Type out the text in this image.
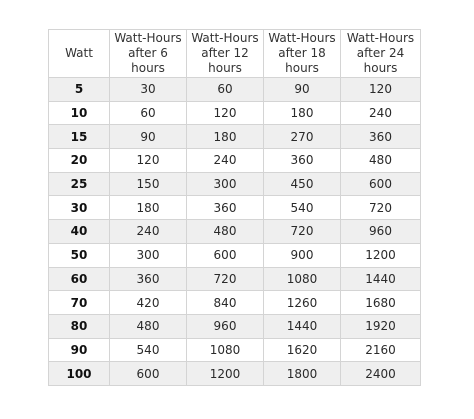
Watt	Watt-Hours after 6 hours	Watt-Hours after 12 hours	Watt-Hours after 18 hours	Watt-Hours after 24 hours
5	30	60	90	120
10	60	120	180	240
15	90	180	270	360
20	120	240	360	480
25	150	300	450	600
30	180	360	540	720
40	240	480	720	960
50	300	600	900	1200
60	360	720	1080	1440
70	420	840	1260	1680
80	480	960	1440	1920
90	540	1080	1620	2160
100	600	1200	1800	2400
